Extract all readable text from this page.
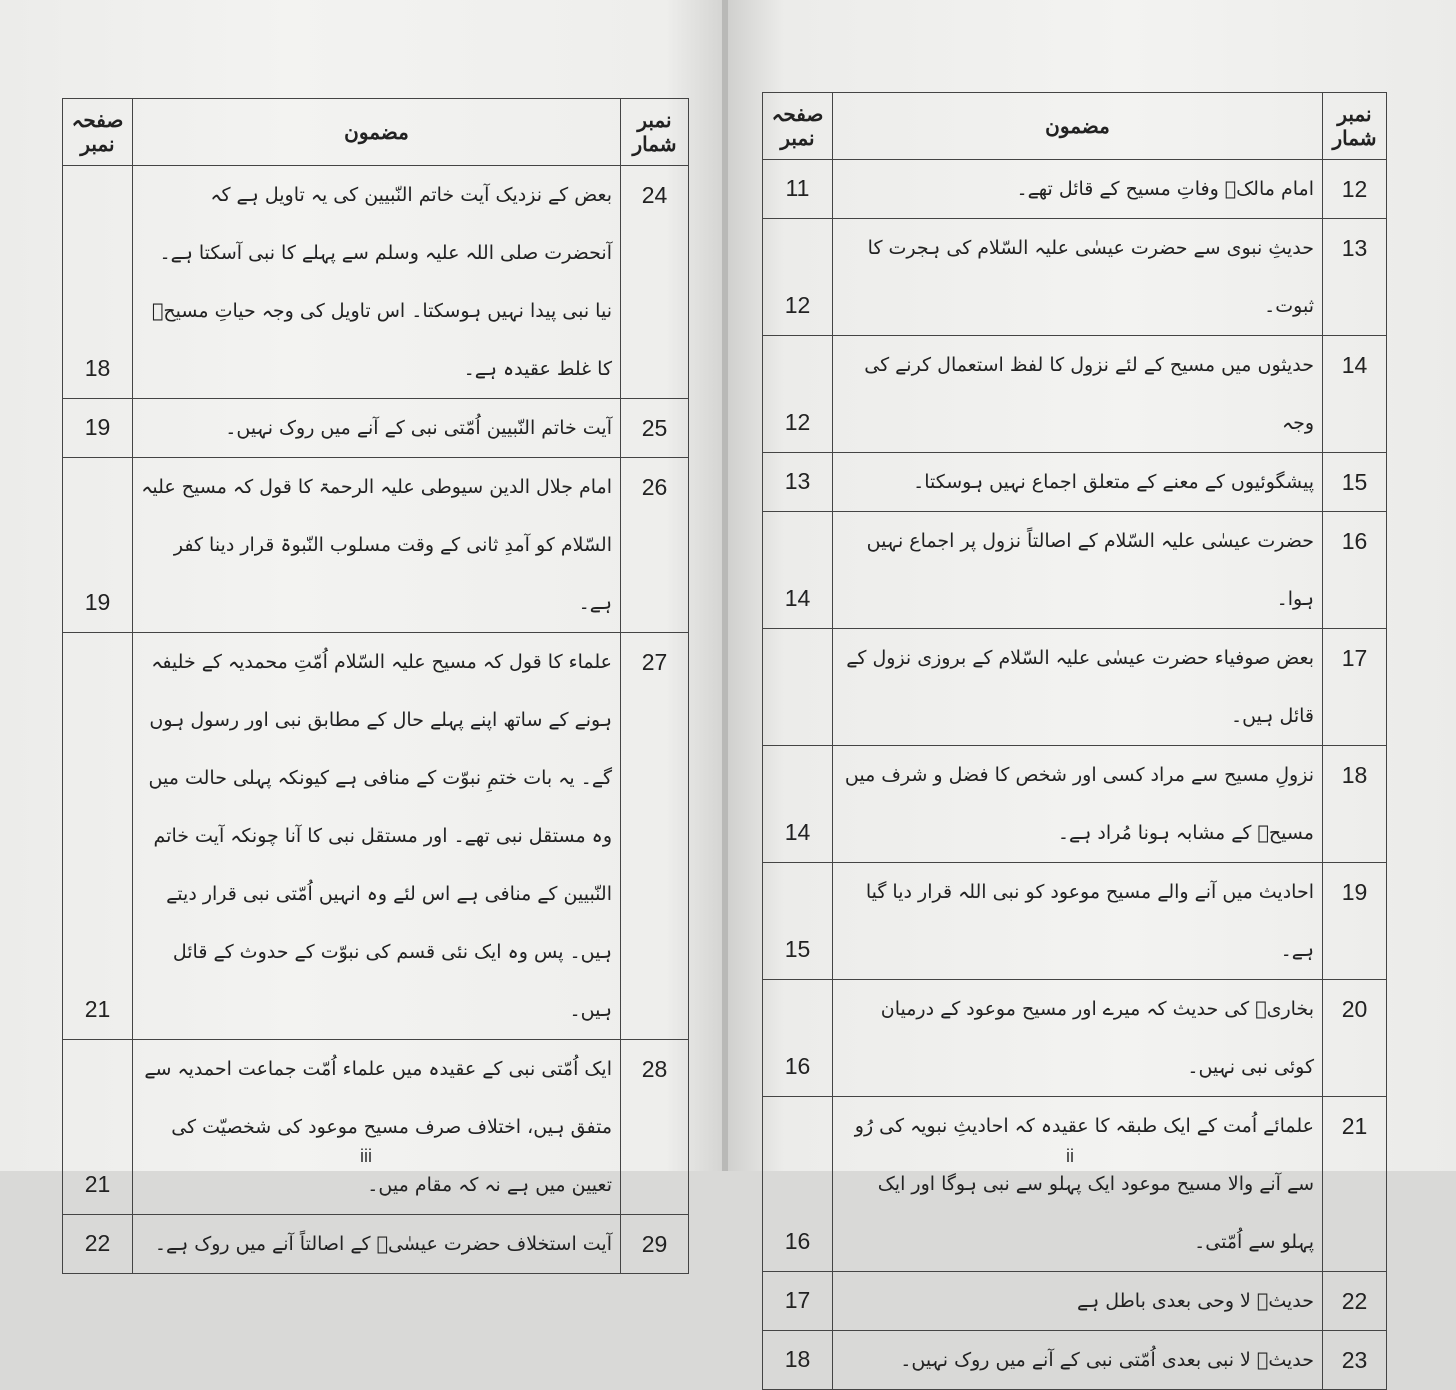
نمبر شمار	مضمون	صفحہ نمبر
24	بعض کے نزدیک آیت خاتم النّبیین کی یہ تاویل ہے کہ آنحضرت صلی اللہ علیہ وسلم سے پہلے کا نبی آسکتا ہے۔ نیا نبی پیدا نہیں ہوسکتا۔ اس تاویل کی وجہ حیاتِ مسیحؑ کا غلط عقیدہ ہے۔	18
25	آیت خاتم النّبیین اُمّتی نبی کے آنے میں روک نہیں۔	19
26	امام جلال الدین سیوطی علیہ الرحمۃ کا قول کہ مسیح علیہ السّلام کو آمدِ ثانی کے وقت مسلوب النّبوۃ قرار دینا کفر ہے۔	19
27	علماء کا قول کہ مسیح علیہ السّلام اُمّتِ محمدیہ کے خلیفہ ہونے کے ساتھ اپنے پہلے حال کے مطابق نبی اور رسول ہوں گے۔ یہ بات ختمِ نبوّت کے منافی ہے کیونکہ پہلی حالت میں وہ مستقل نبی تھے۔ اور مستقل نبی کا آنا چونکہ آیت خاتم النّبیین کے منافی ہے اس لئے وہ انہیں اُمّتی نبی قرار دیتے ہیں۔ پس وہ ایک نئی قسم کی نبوّت کے حدوث کے قائل ہیں۔	21
28	ایک اُمّتی نبی کے عقیدہ میں علماء اُمّت جماعت احمدیہ سے متفق ہیں، اختلاف صرف مسیح موعود کی شخصیّت کی تعیین میں ہے نہ کہ مقام میں۔	21
29	آیت استخلاف حضرت عیسٰیؑ کے اصالتاً آنے میں روک ہے۔	22
iii
نمبر شمار	مضمون	صفحہ نمبر
12	امام مالکؒ وفاتِ مسیح کے قائل تھے۔	11
13	حدیثِ نبوی سے حضرت عیسٰی علیہ السّلام کی ہجرت کا ثبوت۔	12
14	حدیثوں میں مسیح کے لئے نزول کا لفظ استعمال کرنے کی وجہ	12
15	پیشگوئیوں کے معنے کے متعلق اجماع نہیں ہوسکتا۔	13
16	حضرت عیسٰی علیہ السّلام کے اصالتاً نزول پر اجماع نہیں ہوا۔	14
17	بعض صوفیاء حضرت عیسٰی علیہ السّلام کے بروزی نزول کے قائل ہیں۔	
18	نزولِ مسیح سے مراد کسی اور شخص کا فضل و شرف میں مسیحؑ کے مشابہ ہونا مُراد ہے۔	14
19	احادیث میں آنے والے مسیح موعود کو نبی اللہ قرار دیا گیا ہے۔	15
20	بخاریؔ کی حدیث کہ میرے اور مسیح موعود کے درمیان کوئی نبی نہیں۔	16
21	علمائے اُمت کے ایک طبقہ کا عقیدہ کہ احادیثِ نبویہ کی رُو سے آنے والا مسیح موعود ایک پہلو سے نبی ہوگا اور ایک پہلو سے اُمّتی۔	16
22	حدیثؔ لا وحی بعدی باطل ہے	17
23	حدیثؔ لا نبی بعدی اُمّتی نبی کے آنے میں روک نہیں۔	18
ii
